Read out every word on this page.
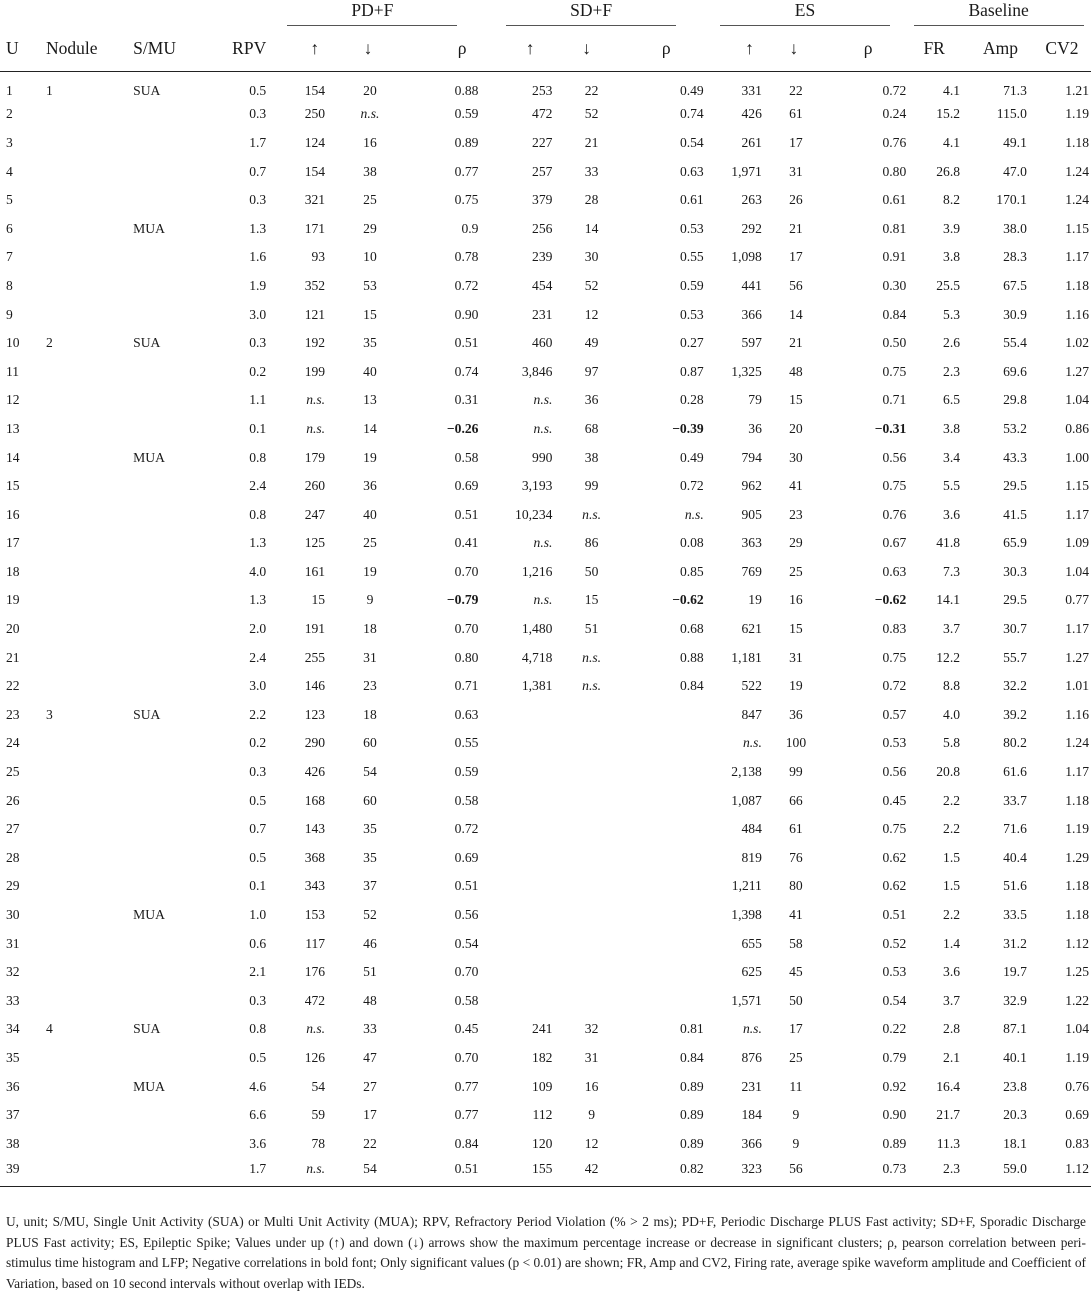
				PD+F			SD+F			ES			Baseline		

U	Nodule	S/MU	RPV	↑	↓	ρ	↑	↓	ρ	↑	↓	ρ	FR	Amp	CV2
1	1	SUA	0.5	154	20	0.88	253	22	0.49	331	22	0.72	4.1	71.3	1.21
2			0.3	250	n.s.	0.59	472	52	0.74	426	61	0.24	15.2	115.0	1.19
3			1.7	124	16	0.89	227	21	0.54	261	17	0.76	4.1	49.1	1.18
4			0.7	154	38	0.77	257	33	0.63	1,971	31	0.80	26.8	47.0	1.24
5			0.3	321	25	0.75	379	28	0.61	263	26	0.61	8.2	170.1	1.24
6		MUA	1.3	171	29	0.9	256	14	0.53	292	21	0.81	3.9	38.0	1.15
7			1.6	93	10	0.78	239	30	0.55	1,098	17	0.91	3.8	28.3	1.17
8			1.9	352	53	0.72	454	52	0.59	441	56	0.30	25.5	67.5	1.18
9			3.0	121	15	0.90	231	12	0.53	366	14	0.84	5.3	30.9	1.16
10	2	SUA	0.3	192	35	0.51	460	49	0.27	597	21	0.50	2.6	55.4	1.02
11			0.2	199	40	0.74	3,846	97	0.87	1,325	48	0.75	2.3	69.6	1.27
12			1.1	n.s.	13	0.31	n.s.	36	0.28	79	15	0.71	6.5	29.8	1.04
13			0.1	n.s.	14	−0.26	n.s.	68	−0.39	36	20	−0.31	3.8	53.2	0.86
14		MUA	0.8	179	19	0.58	990	38	0.49	794	30	0.56	3.4	43.3	1.00
15			2.4	260	36	0.69	3,193	99	0.72	962	41	0.75	5.5	29.5	1.15
16			0.8	247	40	0.51	10,234	n.s.	n.s.	905	23	0.76	3.6	41.5	1.17
17			1.3	125	25	0.41	n.s.	86	0.08	363	29	0.67	41.8	65.9	1.09
18			4.0	161	19	0.70	1,216	50	0.85	769	25	0.63	7.3	30.3	1.04
19			1.3	15	9	−0.79	n.s.	15	−0.62	19	16	−0.62	14.1	29.5	0.77
20			2.0	191	18	0.70	1,480	51	0.68	621	15	0.83	3.7	30.7	1.17
21			2.4	255	31	0.80	4,718	n.s.	0.88	1,181	31	0.75	12.2	55.7	1.27
22			3.0	146	23	0.71	1,381	n.s.	0.84	522	19	0.72	8.8	32.2	1.01
23	3	SUA	2.2	123	18	0.63				847	36	0.57	4.0	39.2	1.16
24			0.2	290	60	0.55				n.s.	100	0.53	5.8	80.2	1.24
25			0.3	426	54	0.59				2,138	99	0.56	20.8	61.6	1.17
26			0.5	168	60	0.58				1,087	66	0.45	2.2	33.7	1.18
27			0.7	143	35	0.72				484	61	0.75	2.2	71.6	1.19
28			0.5	368	35	0.69				819	76	0.62	1.5	40.4	1.29
29			0.1	343	37	0.51				1,211	80	0.62	1.5	51.6	1.18
30		MUA	1.0	153	52	0.56				1,398	41	0.51	2.2	33.5	1.18
31			0.6	117	46	0.54				655	58	0.52	1.4	31.2	1.12
32			2.1	176	51	0.70				625	45	0.53	3.6	19.7	1.25
33			0.3	472	48	0.58				1,571	50	0.54	3.7	32.9	1.22
34	4	SUA	0.8	n.s.	33	0.45	241	32	0.81	n.s.	17	0.22	2.8	87.1	1.04
35			0.5	126	47	0.70	182	31	0.84	876	25	0.79	2.1	40.1	1.19
36		MUA	4.6	54	27	0.77	109	16	0.89	231	11	0.92	16.4	23.8	0.76
37			6.6	59	17	0.77	112	9	0.89	184	9	0.90	21.7	20.3	0.69
38			3.6	78	22	0.84	120	12	0.89	366	9	0.89	11.3	18.1	0.83
39			1.7	n.s.	54	0.51	155	42	0.82	323	56	0.73	2.3	59.0	1.12
U, unit; S/MU, Single Unit Activity (SUA) or Multi Unit Activity (MUA); RPV, Refractory Period Violation (% > 2 ms); PD+F, Periodic Discharge PLUS Fast activity; SD+F, Sporadic Discharge PLUS Fast activity; ES, Epileptic Spike; Values under up (↑) and down (↓) arrows show the maximum percentage increase or decrease in significant clusters; ρ, pearson correlation between peri-stimulus time histogram and LFP; Negative correlations in bold font; Only significant values (p < 0.01) are shown; FR, Amp and CV2, Firing rate, average spike waveform amplitude and Coefficient of Variation, based on 10 second intervals without overlap with IEDs.
